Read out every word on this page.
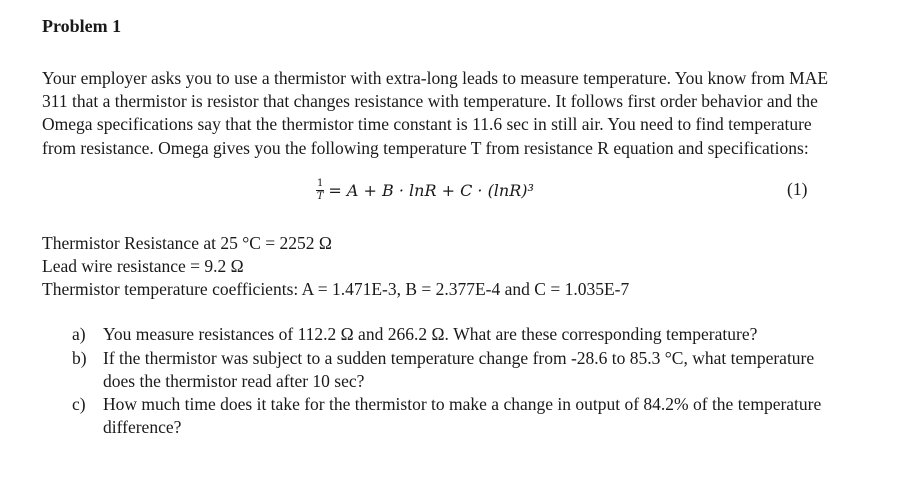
Problem 1
Your employer asks you to use a thermistor with extra-long leads to measure temperature. You know from MAE 311 that a thermistor is resistor that changes resistance with temperature. It follows first order behavior and the Omega specifications say that the thermistor time constant is 11.6 sec in still air. You need to find temperature from resistance. Omega gives you the following temperature T from resistance R equation and specifications:
$\frac{1}{T} = A + B \cdot \ln R + C \cdot (\ln R)^3$	(1)
Thermistor Resistance at 25 °C = 2252 Ω
Lead wire resistance = 9.2 Ω
Thermistor temperature coefficients: A = 1.471E-3, B = 2.377E-4 and C = 1.035E-7
a) You measure resistances of 112.2 Ω and 266.2 Ω. What are these corresponding temperature?
b) If the thermistor was subject to a sudden temperature change from -28.6 to 85.3 °C, what temperature does the thermistor read after 10 sec?
c) How much time does it take for the thermistor to make a change in output of 84.2% of the temperature difference?
